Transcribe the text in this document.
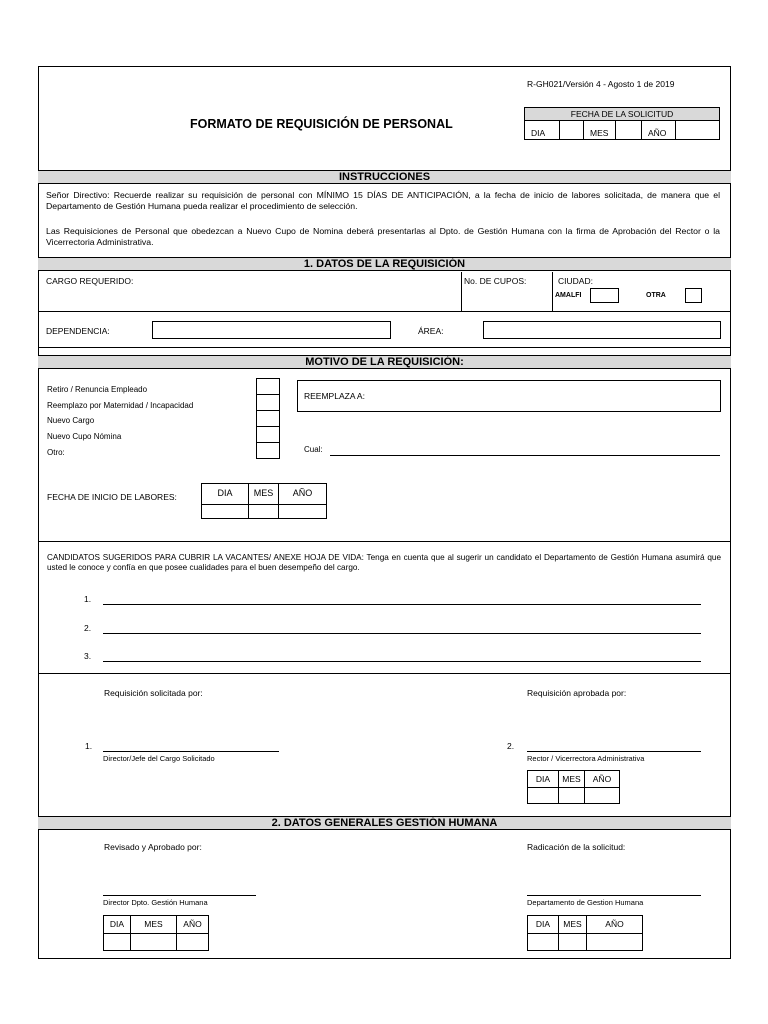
R-GH021/Versión 4 - Agosto 1 de 2019
FORMATO DE REQUISICIÓN DE PERSONAL
FECHA DE LA SOLICITUD
DIA	MES	AÑO
INSTRUCCIONES

Señor Directivo: Recuerde realizar su requisición de personal con MÍNIMO 15 DÍAS DE ANTICIPACIÓN, a la fecha de inicio de labores solicitada, de manera que el Departamento de Gestión Humana pueda realizar el procedimiento de selección.

Las Requisiciones de Personal que obedezcan a Nuevo Cupo de Nomina deberá presentarlas al Dpto. de Gestión Humana con la firma de Aprobación del Rector o la Vicerrectoria Administrativa.

1. DATOS DE LA REQUISICIÓN
CARGO REQUERIDO:	No. DE CUPOS:	CIUDAD:
AMALFI	OTRA
DEPENDENCIA:	ÁREA:
MOTIVO DE LA REQUISICIÓN:
Retiro / Renuncia Empleado
Reemplazo por Maternidad / Incapacidad
Nuevo Cargo
Nuevo Cupo Nómina
Otro:
REEMPLAZA A:
Cual:
FECHA DE INICIO DE LABORES:	DIA	MES	AÑO

CANDIDATOS SUGERIDOS PARA CUBRIR LA VACANTES/ ANEXE HOJA DE VIDA: Tenga en cuenta que al sugerir un candidato el Departamento de Gestión Humana asumirá que usted le conoce y confía en que posee cualidades para el buen desempeño del cargo.

1.
2.
3.
Requisición solicitada por:	Requisición aprobada por:
1.
Director/Jefe del Cargo Solicitado
2.
Rector / Vicerrectora Administrativa
DIA	MES	AÑO
2. DATOS GENERALES GESTIÓN HUMANA
Revisado y Aprobado por:	Radicación de la solicitud:
Director Dpto. Gestión Humana	Departamento de Gestion Humana
DIA	MES	AÑO	DIA	MES	AÑO
